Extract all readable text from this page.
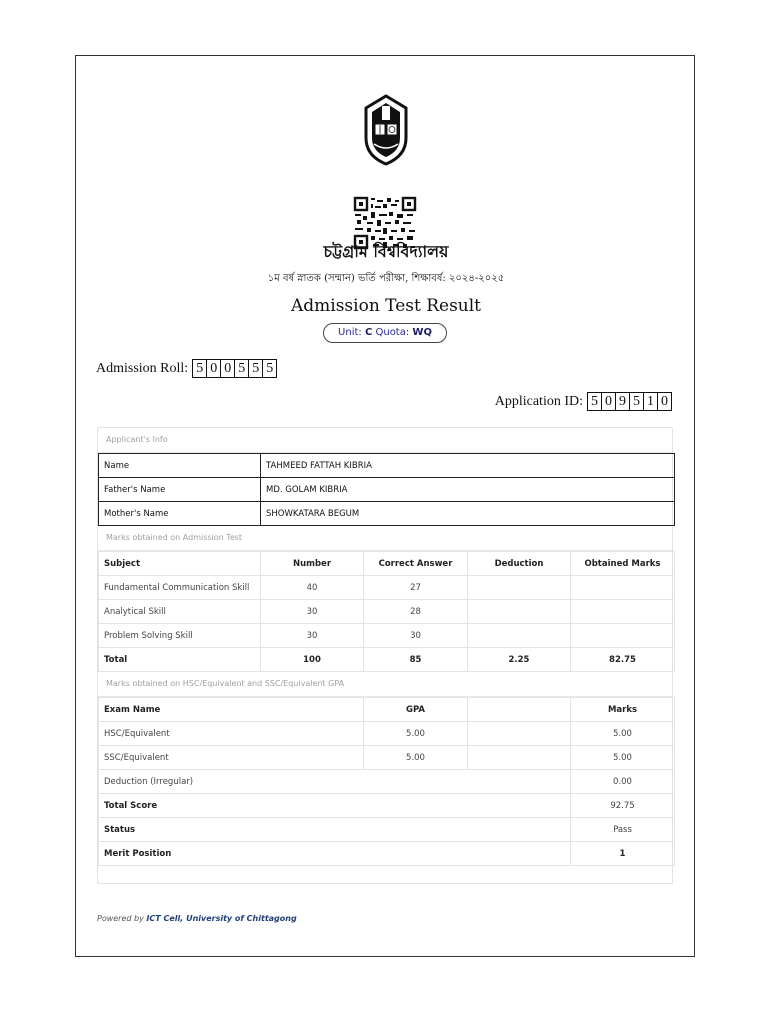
চট্টগ্রাম বিশ্ববিদ্যালয়
১ম বর্ষ স্নাতক (সম্মান) ভর্তি পরীক্ষা, শিক্ষাবর্ষ: ২০২৪-২০২৫
Admission Test Result
Unit: C Quota: WQ
Admission Roll: 5 0 0 5 5 5
Application ID: 5 0 9 5 1 0
Applicant's Info
Name	TAHMEED FATTAH KIBRIA
Father's Name	MD. GOLAM KIBRIA
Mother's Name	SHOWKATARA BEGUM
Marks obtained on Admission Test
Subject	Number	Correct Answer	Deduction	Obtained Marks
Fundamental Communication Skill	40	27		
Analytical Skill	30	28		
Problem Solving Skill	30	30		
Total	100	85	2.25	82.75
Marks obtained on HSC/Equivalent and SSC/Equivalent GPA
Exam Name	GPA		Marks
HSC/Equivalent	5.00		5.00
SSC/Equivalent	5.00		5.00
Deduction (Irregular)			0.00
Total Score			92.75
Status			Pass
Merit Position			1
Powered by ICT Cell, University of Chittagong
